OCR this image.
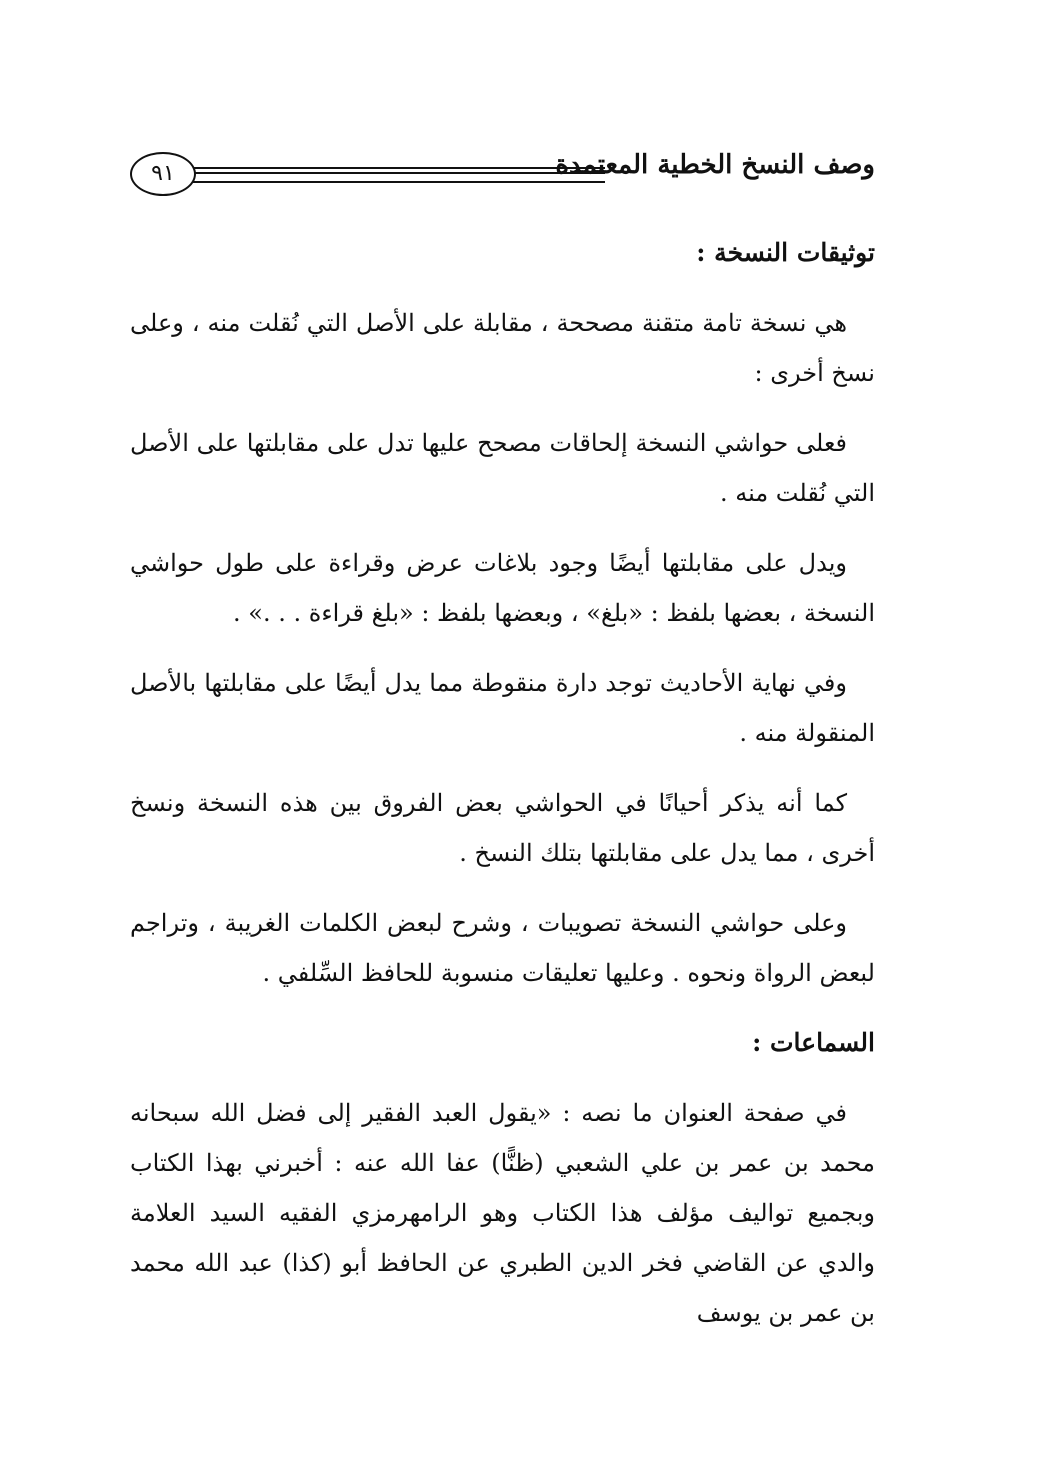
٩١	وصف النسخ الخطية المعتمدة
توثيقات النسخة :

هي نسخة تامة متقنة مصححة ، مقابلة على الأصل التي نُقلت منه ، وعلى نسخ أخرى :

فعلى حواشي النسخة إلحاقات مصحح عليها تدل على مقابلتها على الأصل التي نُقلت منه .

ويدل على مقابلتها أيضًا وجود بلاغات عرض وقراءة على طول حواشي النسخة ، بعضها بلفظ : «بلغ» ، وبعضها بلفظ : «بلغ قراءة . . .» .

وفي نهاية الأحاديث توجد دارة منقوطة مما يدل أيضًا على مقابلتها بالأصل المنقولة منه .

كما أنه يذكر أحيانًا في الحواشي بعض الفروق بين هذه النسخة ونسخ أخرى ، مما يدل على مقابلتها بتلك النسخ .

وعلى حواشي النسخة تصويبات ، وشرح لبعض الكلمات الغريبة ، وتراجم لبعض الرواة ونحوه . وعليها تعليقات منسوبة للحافظ السِّلفي .

السماعات :

في صفحة العنوان ما نصه : «يقول العبد الفقير إلى فضل الله سبحانه محمد بن عمر بن علي الشعبي (ظنًّا) عفا الله عنه : أخبرني بهذا الكتاب وبجميع تواليف مؤلف هذا الكتاب وهو الرامهرمزي الفقيه السيد العلامة والدي عن القاضي فخر الدين الطبري عن الحافظ أبو (كذا) عبد الله محمد بن عمر بن يوسف
